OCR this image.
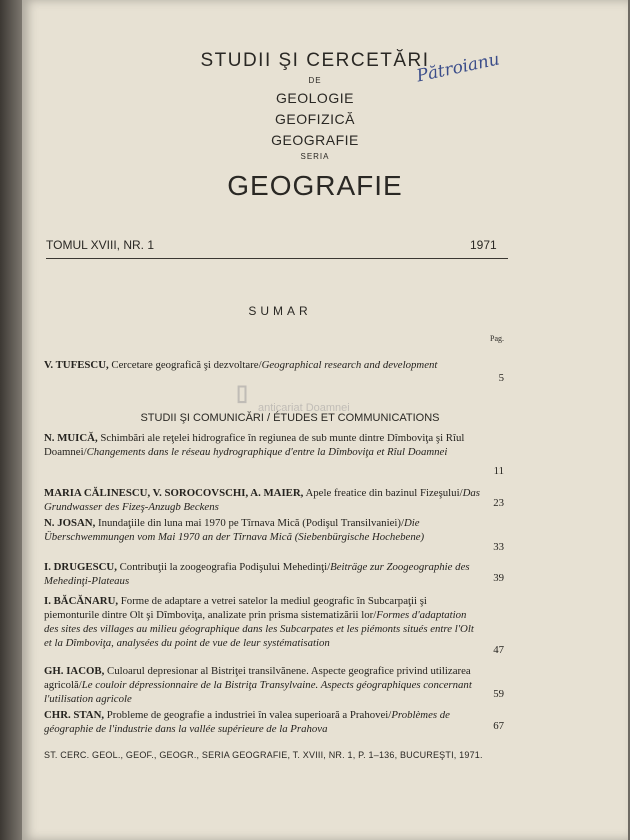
STUDII ŞI CERCETĂRI
DE
GEOLOGIE
GEOFIZICĂ
GEOGRAFIE
SERIA
GEOGRAFIE
Pătroianu
TOMUL XVIII, NR. 1	1971
SUMAR
Pag.
▯
anticariat Doamnei
STUDII ŞI COMUNICĂRI / ÉTUDES ET COMMUNICATIONS
V. TUFESCU, Cercetare geografică şi dezvoltare/Geographical research and development
5
N. MUICĂ, Schimbări ale reţelei hidrografice în regiunea de sub munte dintre Dîmboviţa şi Rîul Doamnei/Changements dans le réseau hydrographique d'entre la Dîmboviţa et Rîul Doamnei
11
MARIA CĂLINESCU, V. SOROCOVSCHI, A. MAIER, Apele freatice din bazinul Fizeşului/Das Grundwasser des Fizeş-Anzugb Beckens	23
N. JOSAN, Inundaţiile din luna mai 1970 pe Tîrnava Mică (Podişul Transilvaniei)/Die Überschwemmungen vom Mai 1970 an der Tîrnava Mică (Siebenbürgische Hochebene)
33
I. DRUGESCU, Contribuţii la zoogeografia Podişului Mehedinţi/Beiträge zur Zoogeographie des Mehedinţi-Plateaus	39
I. BĂCĂNARU, Forme de adaptare a vetrei satelor la mediul geografic în Subcarpaţii şi piemonturile dintre Olt şi Dîmboviţa, analizate prin prisma sistematizării lor/Formes d'adaptation des sites des villages au milieu géographique dans les Subcarpates et les piémonts situés entre l'Olt et la Dîmboviţa, analysées du point de vue de leur systématisation
47
GH. IACOB, Culoarul depresionar al Bistriţei transilvănene. Aspecte geografice privind utilizarea agricolă/Le couloir dépressionnaire de la Bistriţa Transylvaine. Aspects géographiques concernant l'utilisation agricole	59
CHR. STAN, Probleme de geografie a industriei în valea superioară a Prahovei/Problèmes de géographie de l'industrie dans la vallée supérieure de la Prahova	67
ST. CERC. GEOL., GEOF., GEOGR., SERIA GEOGRAFIE, T. XVIII, NR. 1, P. 1–136, BUCUREŞTI, 1971.
